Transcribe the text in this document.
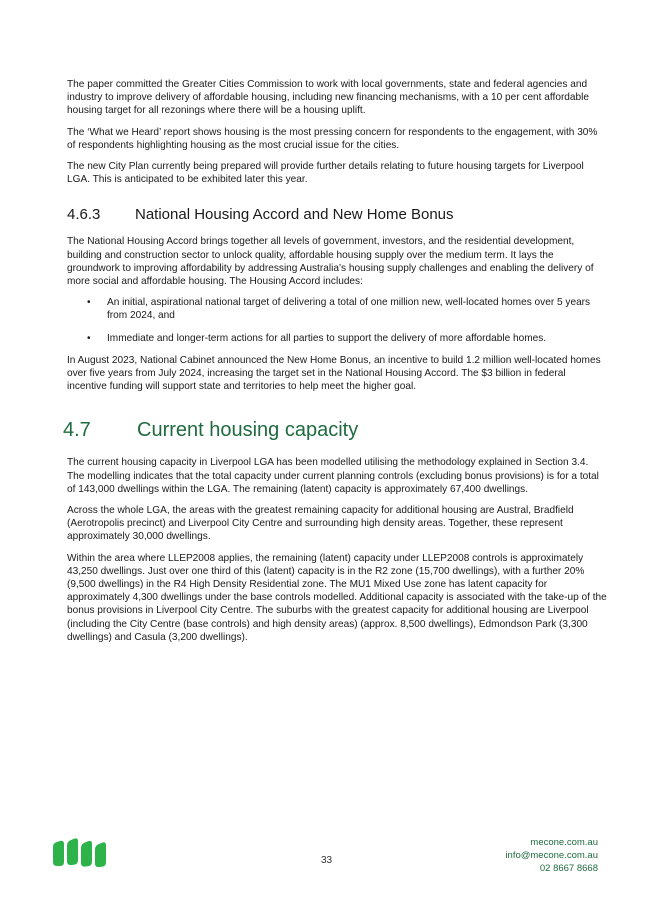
The paper committed the Greater Cities Commission to work with local governments, state and federal agencies and industry to improve delivery of affordable housing, including new financing mechanisms, with a 10 per cent affordable housing target for all rezonings where there will be a housing uplift.

The ‘What we Heard’ report shows housing is the most pressing concern for respondents to the engagement, with 30% of respondents highlighting housing as the most crucial issue for the cities.

The new City Plan currently being prepared will provide further details relating to future housing targets for Liverpool LGA. This is anticipated to be exhibited later this year.

4.6.3	National Housing Accord and New Home Bonus

The National Housing Accord brings together all levels of government, investors, and the residential development, building and construction sector to unlock quality, affordable housing supply over the medium term. It lays the groundwork to improving affordability by addressing Australia’s housing supply challenges and enabling the delivery of more social and affordable housing. The Housing Accord includes:

•	An initial, aspirational national target of delivering a total of one million new, well-located homes over 5 years from 2024, and
•	Immediate and longer-term actions for all parties to support the delivery of more affordable homes.

In August 2023, National Cabinet announced the New Home Bonus, an incentive to build 1.2 million well-located homes over five years from July 2024, increasing the target set in the National Housing Accord. The $3 billion in federal incentive funding will support state and territories to help meet the higher goal.

4.7	Current housing capacity

The current housing capacity in Liverpool LGA has been modelled utilising the methodology explained in Section 3.4. The modelling indicates that the total capacity under current planning controls (excluding bonus provisions) is for a total of 143,000 dwellings within the LGA. The remaining (latent) capacity is approximately 67,400 dwellings.

Across the whole LGA, the areas with the greatest remaining capacity for additional housing are Austral, Bradfield (Aerotropolis precinct) and Liverpool City Centre and surrounding high density areas. Together, these represent approximately 30,000 dwellings.

Within the area where LLEP2008 applies, the remaining (latent) capacity under LLEP2008 controls is approximately 43,250 dwellings. Just over one third of this (latent) capacity is in the R2 zone (15,700 dwellings), with a further 20% (9,500 dwellings) in the R4 High Density Residential zone. The MU1 Mixed Use zone has latent capacity for approximately 4,300 dwellings under the base controls modelled. Additional capacity is associated with the take-up of the bonus provisions in Liverpool City Centre. The suburbs with the greatest capacity for additional housing are Liverpool (including the City Centre (base controls) and high density areas) (approx. 8,500 dwellings), Edmondson Park (3,300 dwellings) and Casula (3,200 dwellings).

33
mecone.com.au
info@mecone.com.au
02 8667 8668
